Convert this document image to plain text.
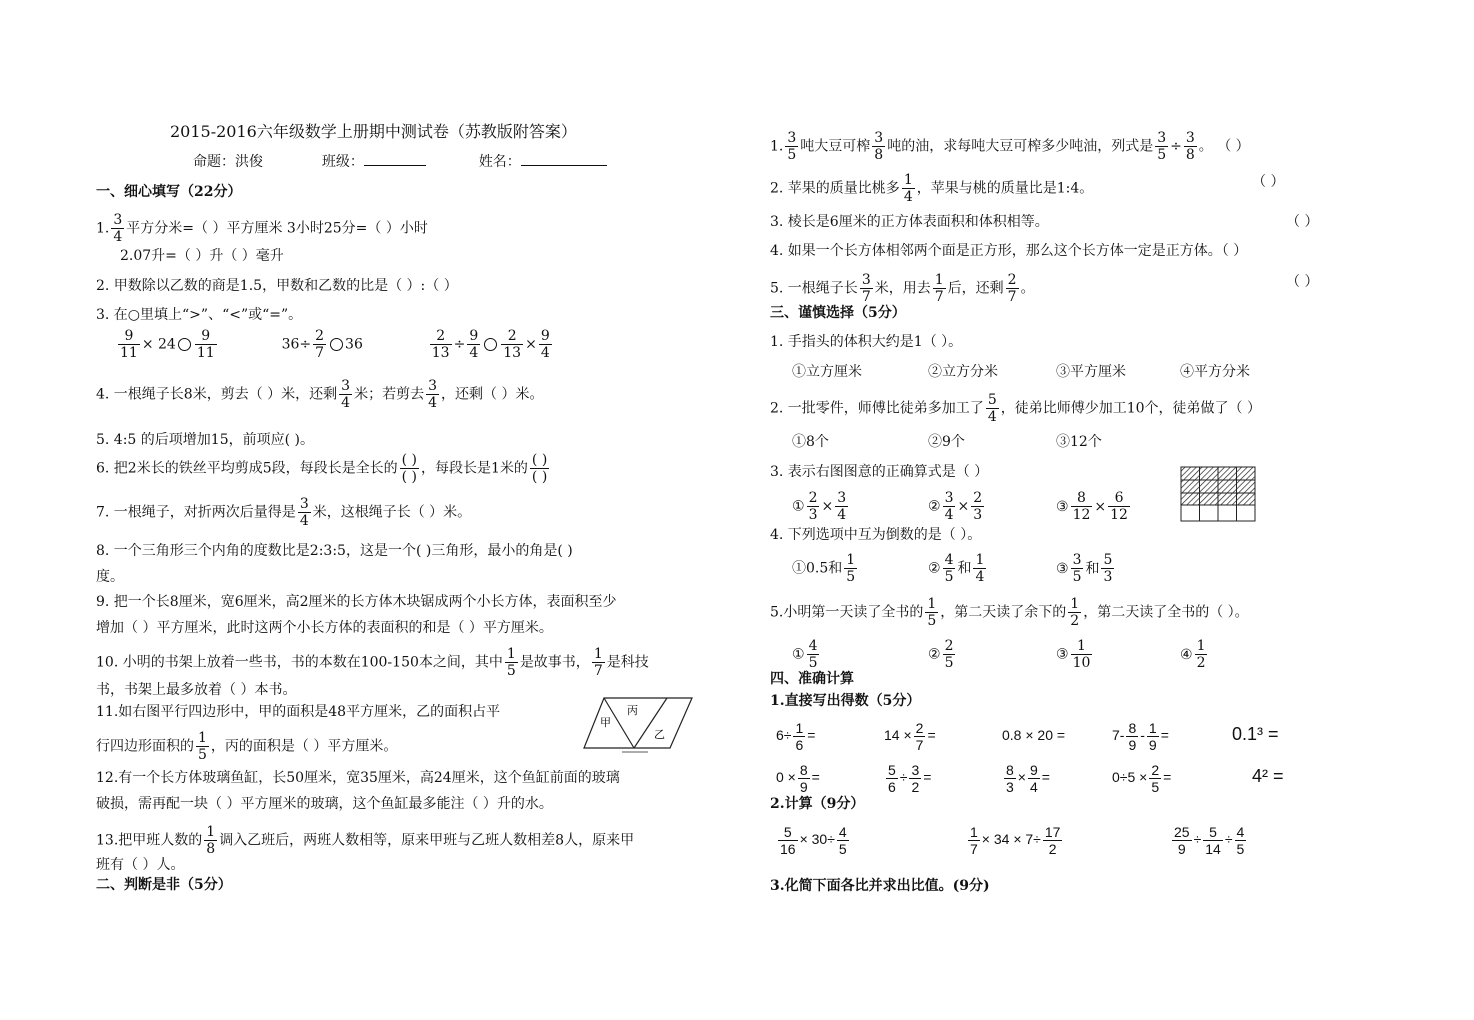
2015-2016六年级数学上册期中测试卷（苏教版附答案）
命题：洪俊	班级：	姓名：
一、细心填写（22分）
1. $\frac{3}{4}$ 平方分米=（ ）平方厘米 3小时25分=（ ）小时
2.07升=（ ）升（ ）毫升
2. 甲数除以乙数的商是1.5，甲数和乙数的比是（ ）:（ ）
3. 在○里填上“>”、“<”或“=”。
$\frac{9}{11} \times 24 \frac{9}{11}$	$36\div \frac{2}{7} 36$	$\frac{2}{13} \div \frac{9}{4} \frac{2}{13} \times \frac{9}{4}$
4. 一根绳子长8米，剪去（ ）米，还剩 $\frac{3}{4}$ 米；若剪去 $\frac{3}{4}$ ，还剩（ ）米。
5. 4:5 的后项增加15，前项应( )。
6. 把2米长的铁丝平均剪成5段，每段长是全长的
( )
( )
，每段长是1米的
( )
( )
7. 一根绳子，对折两次后量得是 $\frac{3}{4}$ 米，这根绳子长（ ）米。
8. 一个三角形三个内角的度数比是2:3:5，这是一个( )三角形，最小的角是( )
度。
9. 把一个长8厘米，宽6厘米，高2厘米的长方体木块锯成两个小长方体，表面积至少
增加（ ）平方厘米，此时这两个小长方体的表面积的和是（ ）平方厘米。
10. 小明的书架上放着一些书，书的本数在100-150本之间，其中 $\frac{1}{5}$ 是故事书， $\frac{1}{7}$ 是科技
书，书架上最多放着（ ）本书。
11.如右图平行四边形中，甲的面积是48平方厘米，乙的面积占平
行四边形面积的 $\frac{1}{5}$ ，丙的面积是（ ）平方厘米。
丙
甲
乙
12.有一个长方体玻璃鱼缸，长50厘米，宽35厘米，高24厘米，这个鱼缸前面的玻璃
破损，需再配一块（ ）平方厘米的玻璃，这个鱼缸最多能注（ ）升的水。
13.把甲班人数的 $\frac{1}{8}$ 调入乙班后，两班人数相等，原来甲班与乙班人数相差8人，原来甲
班有（ ）人。
二、判断是非（5分）
1. $\frac{3}{5}$ 吨大豆可榨 $\frac{3}{8}$ 吨的油，求每吨大豆可榨多少吨油，列式是 $\frac{3}{5} \div \frac{3}{8}$ 。 （ ）
2. 苹果的质量比桃多 $\frac{1}{4}$ ，苹果与桃的质量比是1:4。	（ ）
3. 棱长是6厘米的正方体表面积和体积相等。	（ ）
4. 如果一个长方体相邻两个面是正方形，那么这个长方体一定是正方体。（ ）
5. 一根绳子长 $\frac{3}{7}$ 米，用去 $\frac{1}{7}$ 后，还剩 $\frac{2}{7}$ 。	（ ）
三、谨慎选择（5分）
1. 手指头的体积大约是1（ ）。
①立方厘米	②立方分米	③平方厘米	④平方分米
2. 一批零件，师傅比徒弟多加工了 $\frac{5}{4}$ ，徒弟比师傅少加工10个，徒弟做了（ ）
①8个	②9个	③12个
3. 表示右图图意的正确算式是（ ）
① $\frac{2}{3} \times \frac{3}{4}$	② $\frac{3}{4} \times \frac{2}{3}$	③ $\frac{8}{12} \times \frac{6}{12}$
4. 下列选项中互为倒数的是（ ）。
①0.5和 $\frac{1}{5}$	② $\frac{4}{5}$ 和 $\frac{1}{4}$	③ $\frac{3}{5}$ 和 $\frac{5}{3}$
5.小明第一天读了全书的 $\frac{1}{5}$ ，第二天读了余下的 $\frac{1}{2}$ ，第二天读了全书的（ ）。
① $\frac{4}{5}$	② $\frac{2}{5}$	③ $\frac{1}{10}$	④ $\frac{1}{2}$
四、准确计算
1.直接写出得数（5分）
$6\div \frac{1}{6}$ =	$14 \times \frac{2}{7}$ =	0.8 × 20 =	$7- \frac{8}{9} - \frac{1}{9}$ =	0.1³ =
$0 \times \frac{8}{9}$ =	$\frac{5}{6} \div \frac{3}{2}$ =	$\frac{8}{3} \times \frac{9}{4}$ =	$0\div 5 \times \frac{2}{5}$ =	4² =
2.计算（9分）
$\frac{5}{16} \times 30\div \frac{4}{5}$	$\frac{1}{7} \times 34 \times 7\div \frac{17}{2}$	$\frac{25}{9} \div \frac{5}{14} \div \frac{4}{5}$
3.化简下面各比并求出比值。(9分)
